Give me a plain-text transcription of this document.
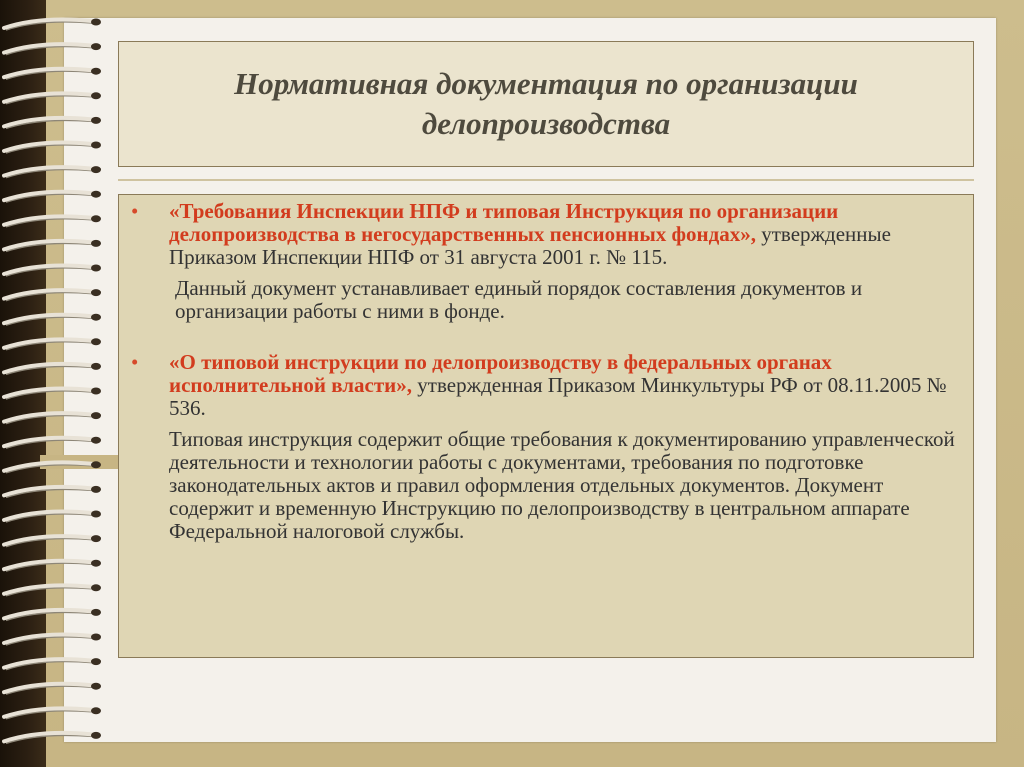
Нормативная документация по организации делопроизводства
• «Требования Инспекции НПФ и типовая Инструкция по организации делопроизводства в негосударственных пенсионных фондах», утвержденные Приказом Инспекции НПФ от 31 августа 2001 г. № 115.

Данный документ устанавливает единый порядок составления документов и организации работы с ними в фонде.

• «О типовой инструкции по делопроизводству в федеральных органах исполнительной власти», утвержденная Приказом Минкультуры РФ от 08.11.2005 № 536.

Типовая инструкция содержит общие требования к документированию управленческой деятельности и технологии работы с документами, требования по подготовке законодательных актов и правил оформления отдельных документов. Документ содержит и временную Инструкцию по делопроизводству в центральном аппарате Федеральной налоговой службы.
